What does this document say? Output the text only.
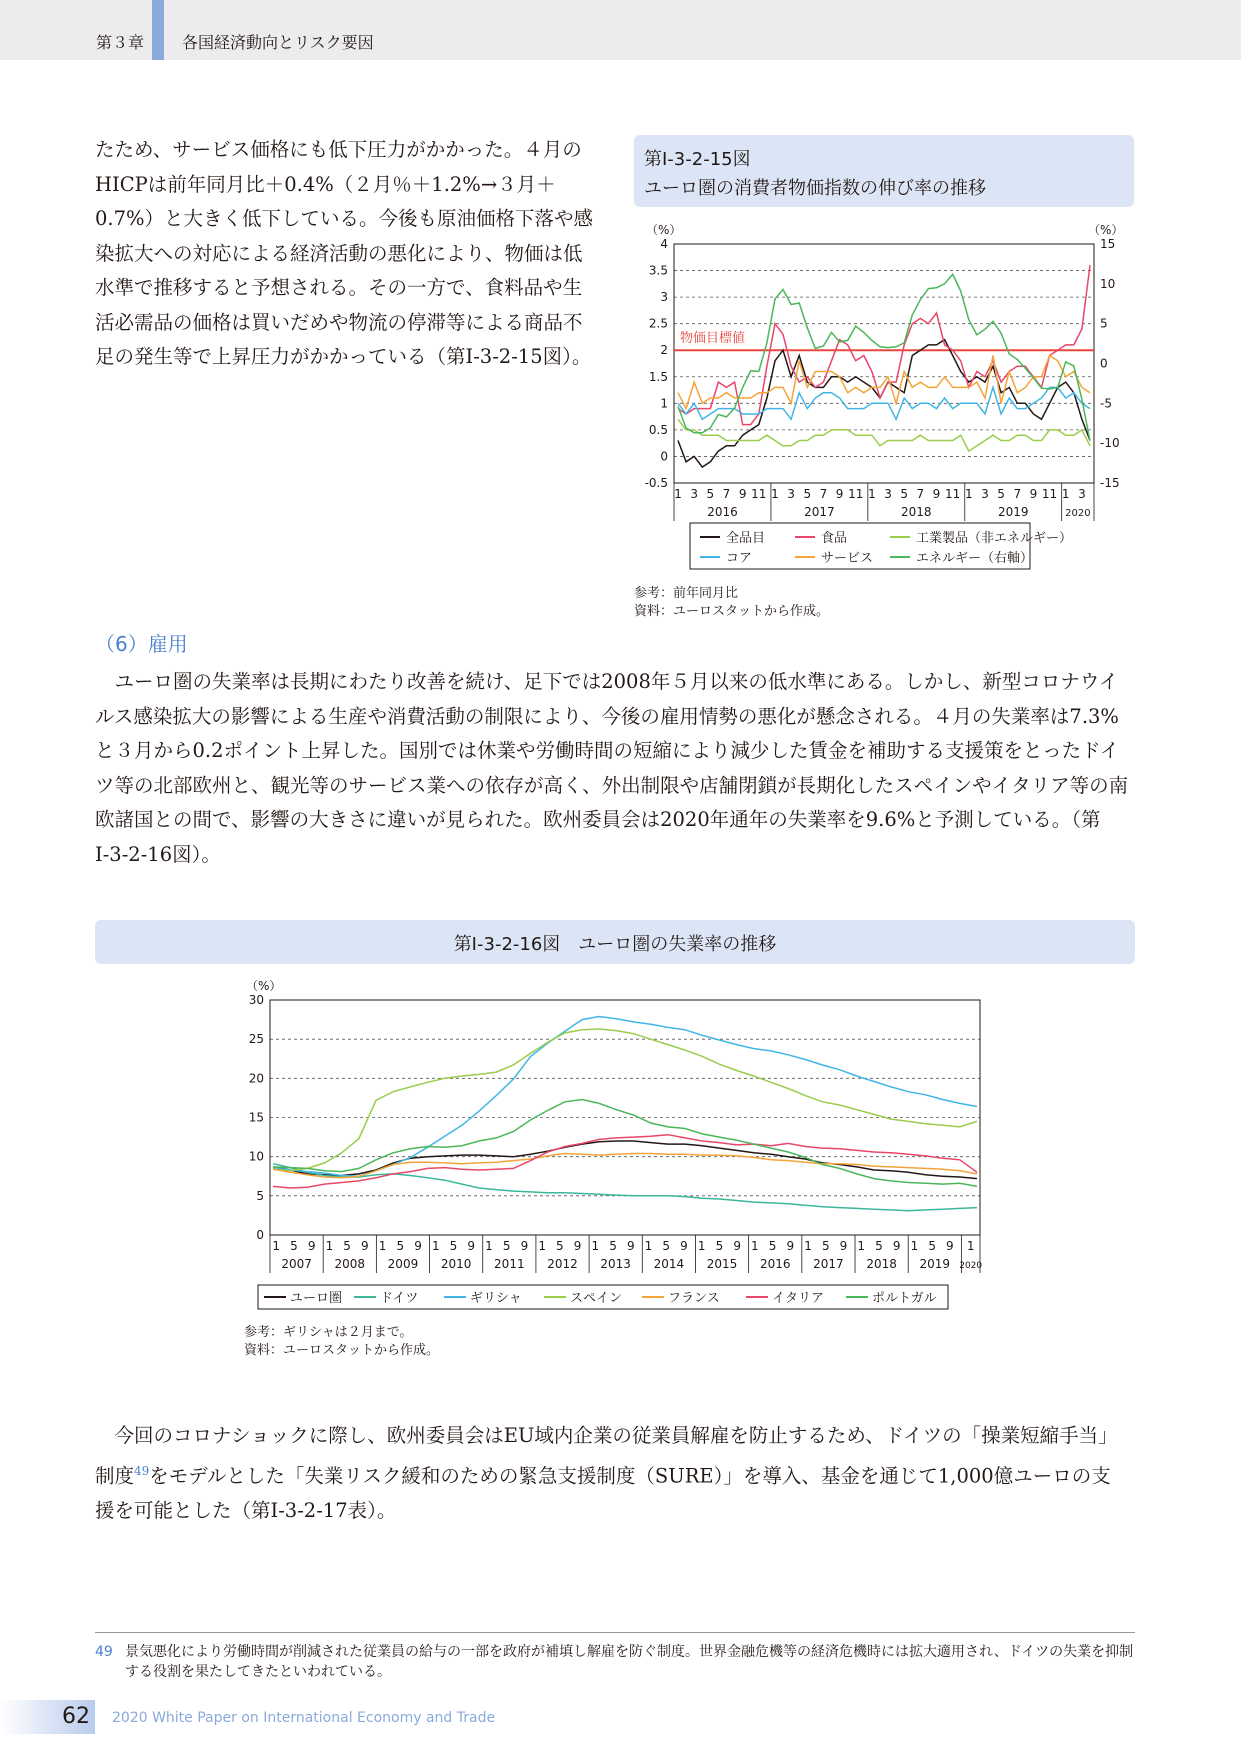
第３章 各国経済動向とリスク要因

たため、サービス価格にも低下圧力がかかった。４月のHICPは前年同月比＋0.4%（２月％＋1.2%→３月＋0.7%）と大きく低下している。今後も原油価格下落や感染拡大への対応による経済活動の悪化により、物価は低水準で推移すると予想される。その一方で、食料品や生活必需品の価格は買いだめや物流の停滞等による商品不足の発生等で上昇圧力がかかっている（第Ⅰ-3-2-15図）。

第Ⅰ-3-2-15図
ユーロ圏の消費者物価指数の伸び率の推移
（%）	（%）
4
3.5
3
2.5
2
1.5
1
0.5
0
-0.5
15
10
5
0
-5
-10
-15
物価目標値
1 3 5 7 9 11 1 3 5 7 9 11 1 3 5 7 9 11 1 3 5 7 9 11 1 3
2016	2017	2018	2019	2020
全品目	食品	工業製品（非エネルギー）
コア	サービス	エネルギー（右軸）
参考：前年同月比
資料：ユーロスタットから作成。
（6）雇用

ユーロ圏の失業率は長期にわたり改善を続け、足下では2008年５月以来の低水準にある。しかし、新型コロナウイルス感染拡大の影響による生産や消費活動の制限により、今後の雇用情勢の悪化が懸念される。４月の失業率は7.3%と３月から0.2ポイント上昇した。国別では休業や労働時間の短縮により減少した賃金を補助する支援策をとったドイツ等の北部欧州と、観光等のサービス業への依存が高く、外出制限や店舗閉鎖が長期化したスペインやイタリア等の南欧諸国との間で、影響の大きさに違いが見られた。欧州委員会は2020年通年の失業率を9.6%と予測している。（第Ⅰ-3-2-16図）。

第Ⅰ-3-2-16図　ユーロ圏の失業率の推移
（%）
30
25
20
15
10
5
0
1 5 9
2007
1 5 9
2008
1 5 9
2009
1 5 9
2010
1 5 9
2011
1 5 9
2012
1 5 9
2013
1 5 9
2014
1 5 9
2015
1 5 9
2016
1 5 9
2017
1 5 9
2018
1 5 9
2019
1
2020
ユーロ圏	ドイツ	ギリシャ	スペイン	フランス	イタリア	ポルトガル
参考：ギリシャは２月まで。
資料：ユーロスタットから作成。

今回のコロナショックに際し、欧州委員会はEU域内企業の従業員解雇を防止するため、ドイツの「操業短縮手当」制度$^{49}$をモデルとした「失業リスク緩和のための緊急支援制度（SURE）」を導入、基金を通じて1,000億ユーロの支援を可能とした（第Ⅰ-3-2-17表）。

49 景気悪化により労働時間が削減された従業員の給与の一部を政府が補填し解雇を防ぐ制度。世界金融危機等の経済危機時には拡大適用され、ドイツの失業を抑制する役割を果たしてきたといわれている。
62 2020 White Paper on International Economy and Trade
